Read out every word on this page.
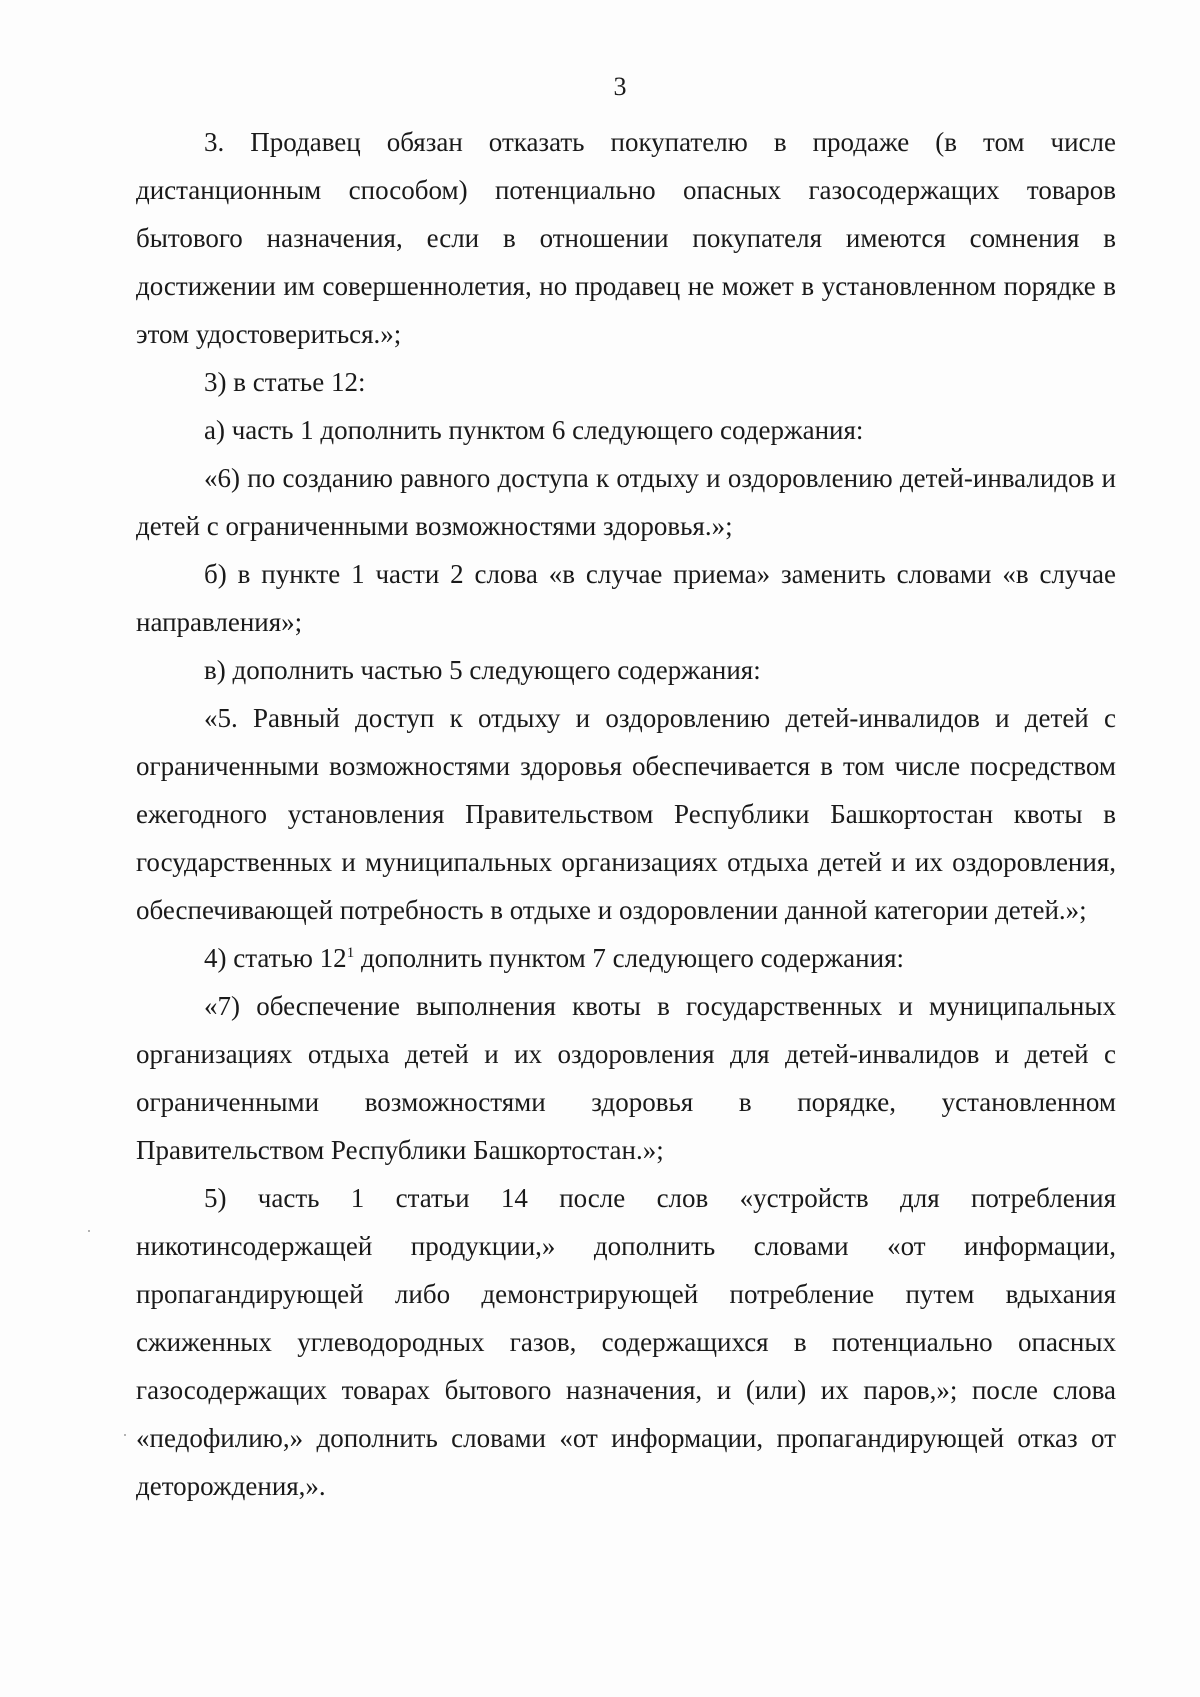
3

3. Продавец обязан отказать покупателю в продаже (в том числе дистанционным способом) потенциально опасных газосодержащих товаров бытового назначения, если в отношении покупателя имеются сомнения в достижении им совершеннолетия, но продавец не может в установленном порядке в этом удостовериться.»;

3) в статье 12:

а) часть 1 дополнить пунктом 6 следующего содержания:

«6) по созданию равного доступа к отдыху и оздоровлению детей-инвалидов и детей с ограниченными возможностями здоровья.»;

б) в пункте 1 части 2 слова «в случае приема» заменить словами «в случае направления»;

в) дополнить частью 5 следующего содержания:

«5. Равный доступ к отдыху и оздоровлению детей-инвалидов и детей с ограниченными возможностями здоровья обеспечивается в том числе посредством ежегодного установления Правительством Республики Башкортостан квоты в государственных и муниципальных организациях отдыха детей и их оздоровления, обеспечивающей потребность в отдыхе и оздоровлении данной категории детей.»;

4) статью $12^1$ дополнить пунктом 7 следующего содержания:

«7) обеспечение выполнения квоты в государственных и муниципальных организациях отдыха детей и их оздоровления для детей-инвалидов и детей с ограниченными возможностями здоровья в порядке, установленном Правительством Республики Башкортостан.»;

5) часть 1 статьи 14 после слов «устройств для потребления никотинсодержащей продукции,» дополнить словами «от информации, пропагандирующей либо демонстрирующей потребление путем вдыхания сжиженных углеводородных газов, содержащихся в потенциально опасных газосодержащих товарах бытового назначения, и (или) их паров,»; после слова «педофилию,» дополнить словами «от информации, пропагандирующей отказ от деторождения,».
